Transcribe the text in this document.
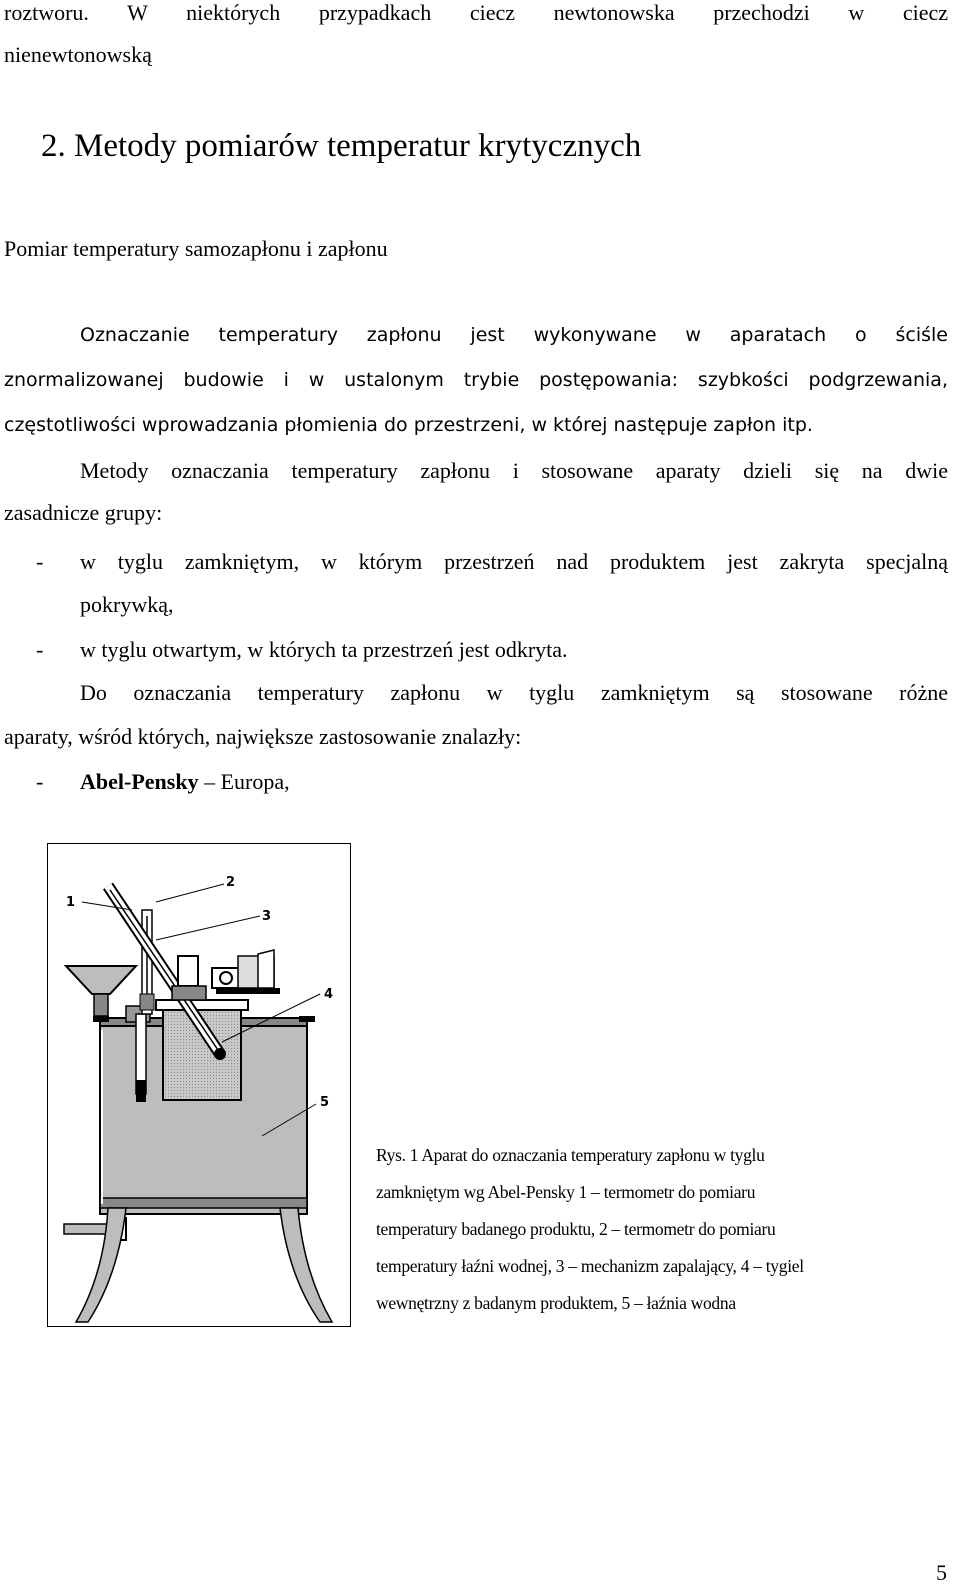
roztworu. W niektórych przypadkach ciecz newtonowska przechodzi w ciecz
nienewtonowską
2. Metody pomiarów temperatur krytycznych
Pomiar temperatury samozapłonu i zapłonu
Oznaczanie temperatury zapłonu jest wykonywane w aparatach o ściśle
znormalizowanej budowie i w ustalonym trybie postępowania: szybkości podgrzewania,
częstotliwości wprowadzania płomienia do przestrzeni, w której następuje zapłon itp.
Metody oznaczania temperatury zapłonu i stosowane aparaty dzieli się na dwie
zasadnicze grupy:
- w tyglu zamkniętym, w którym przestrzeń nad produktem jest zakryta specjalną
pokrywką,
- w tyglu otwartym, w których ta przestrzeń jest odkryta.
Do oznaczania temperatury zapłonu w tyglu zamkniętym są stosowane różne
aparaty, wśród których, największe zastosowanie znalazły:
- Abel-Pensky – Europa,
1
2
3
4
5
Rys. 1 Aparat do oznaczania temperatury zapłonu w tyglu
zamkniętym wg Abel-Pensky 1 – termometr do pomiaru
temperatury badanego produktu, 2 – termometr do pomiaru
temperatury łaźni wodnej, 3 – mechanizm zapalający, 4 – tygiel
wewnętrzny z badanym produktem, 5 – łaźnia wodna
5
